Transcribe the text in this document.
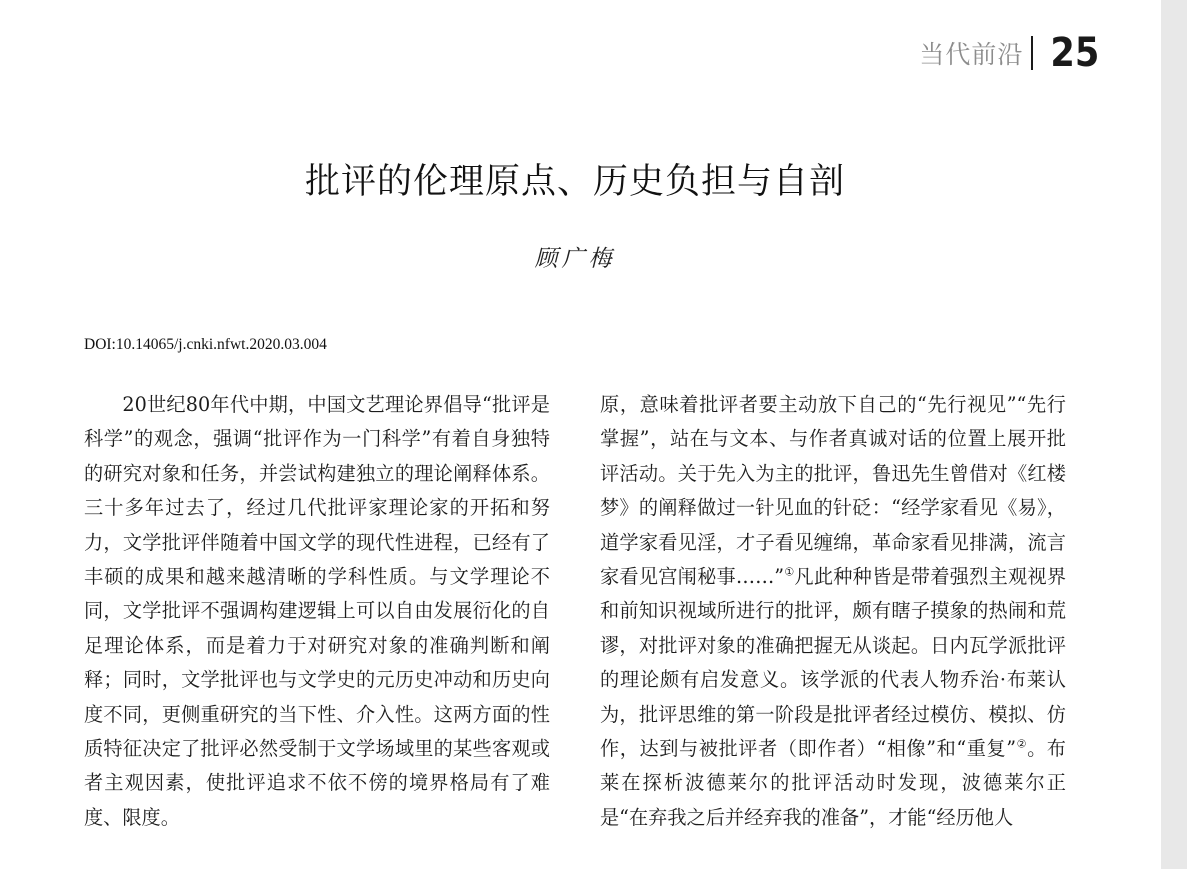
当代前沿 25
批评的伦理原点、历史负担与自剖
顾广梅
DOI:10.14065/j.cnki.nfwt.2020.03.004

20世纪80年代中期，中国文艺理论界倡导“批评是科学”的观念，强调“批评作为一门科学”有着自身独特的研究对象和任务，并尝试构建独立的理论阐释体系。三十多年过去了，经过几代批评家理论家的开拓和努力，文学批评伴随着中国文学的现代性进程，已经有了丰硕的成果和越来越清晰的学科性质。与文学理论不同，文学批评不强调构建逻辑上可以自由发展衍化的自足理论体系，而是着力于对研究对象的准确判断和阐释；同时，文学批评也与文学史的元历史冲动和历史向度不同，更侧重研究的当下性、介入性。这两方面的性质特征决定了批评必然受制于文学场域里的某些客观或者主观因素，使批评追求不依不傍的境界格局有了难度、限度。

原，意味着批评者要主动放下自己的“先行视见”“先行掌握”，站在与文本、与作者真诚对话的位置上展开批评活动。关于先入为主的批评，鲁迅先生曾借对《红楼梦》的阐释做过一针见血的针砭：“经学家看见《易》，道学家看见淫，才子看见缠绵，革命家看见排满，流言家看见宫闱秘事……”①凡此种种皆是带着强烈主观视界和前知识视域所进行的批评，颇有瞎子摸象的热闹和荒谬，对批评对象的准确把握无从谈起。日内瓦学派批评的理论颇有启发意义。该学派的代表人物乔治·布莱认为，批评思维的第一阶段是批评者经过模仿、模拟、仿作，达到与被批评者（即作者）“相像”和“重复”②。布莱在探析波德莱尔的批评活动时发现，波德莱尔正是“在弃我之后并经弃我的准备”，才能“经历他人
